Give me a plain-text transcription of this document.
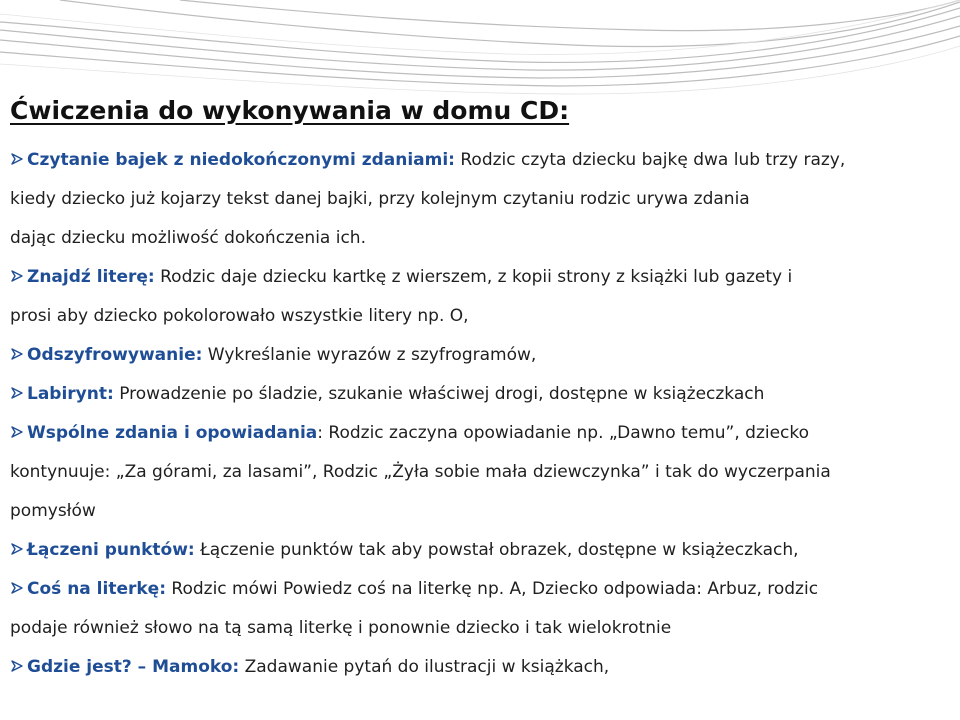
Ćwiczenia do wykonywania w domu CD:
Czytanie bajek z niedokończonymi zdaniami: Rodzic czyta dziecku bajkę dwa lub trzy razy,
kiedy dziecko już kojarzy tekst danej bajki, przy kolejnym czytaniu rodzic urywa zdania
dając dziecku możliwość dokończenia ich.
Znajdź literę: Rodzic daje dziecku kartkę z wierszem, z kopii strony z książki lub gazety i
prosi aby dziecko pokolorowało wszystkie litery np. O,
Odszyfrowywanie: Wykreślanie wyrazów z szyfrogramów,
Labirynt: Prowadzenie po śladzie, szukanie właściwej drogi, dostępne w książeczkach
Wspólne zdania i opowiadania: Rodzic zaczyna opowiadanie np. „Dawno temu”, dziecko
kontynuuje: „Za górami, za lasami”, Rodzic „Żyła sobie mała dziewczynka” i tak do wyczerpania
pomysłów
Łączeni punktów: Łączenie punktów tak aby powstał obrazek, dostępne w książeczkach,
Coś na literkę: Rodzic mówi Powiedz coś na literkę np. A, Dziecko odpowiada: Arbuz, rodzic
podaje również słowo na tą samą literkę i ponownie dziecko i tak wielokrotnie
Gdzie jest? – Mamoko: Zadawanie pytań do ilustracji w książkach,
